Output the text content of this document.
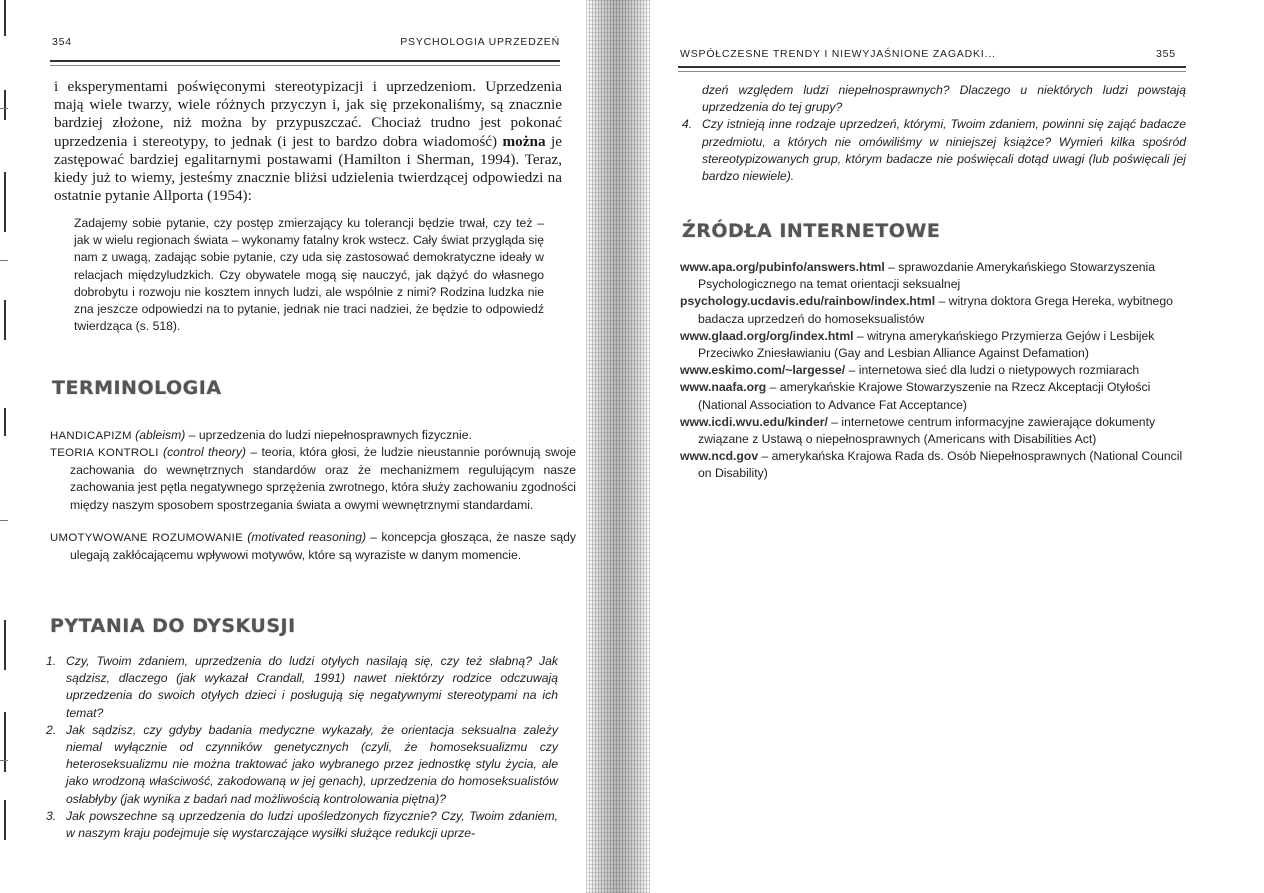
354	PSYCHOLOGIA UPRZEDZEŃ
i eksperymentami poświęconymi stereotypizacji i uprzedzeniom. Uprzedzenia mają wiele twarzy, wiele różnych przyczyn i, jak się przekonaliśmy, są znacznie bardziej złożone, niż można by przypuszczać. Chociaż trudno jest pokonać uprzedzenia i stereotypy, to jednak (i jest to bardzo dobra wiadomość) można je zastępować bardziej egalitarnymi postawami (Hamilton i Sherman, 1994). Teraz, kiedy już to wiemy, jesteśmy znacznie bliżsi udzielenia twierdzącej odpowiedzi na ostatnie pytanie Allporta (1954):
Zadajemy sobie pytanie, czy postęp zmierzający ku tolerancji będzie trwał, czy też – jak w wielu regionach świata – wykonamy fatalny krok wstecz. Cały świat przygląda się nam z uwagą, zadając sobie pytanie, czy uda się zastosować demokratyczne ideały w relacjach międzyludzkich. Czy obywatele mogą się nauczyć, jak dążyć do własnego dobrobytu i rozwoju nie kosztem innych ludzi, ale wspólnie z nimi? Rodzina ludzka nie zna jeszcze odpowiedzi na to pytanie, jednak nie traci nadziei, że będzie to odpowiedź twierdząca (s. 518).
TERMINOLOGIA
HANDICAPIZM (ableism) – uprzedzenia do ludzi niepełnosprawnych fizycznie.
TEORIA KONTROLI (control theory) – teoria, która głosi, że ludzie nieustannie porównują swoje zachowania do wewnętrznych standardów oraz że mechanizmem regulującym nasze zachowania jest pętla negatywnego sprzężenia zwrotnego, która służy zachowaniu zgodności między naszym sposobem spostrzegania świata a owymi wewnętrznymi standardami.
UMOTYWOWANE ROZUMOWANIE (motivated reasoning) – koncepcja głosząca, że nasze sądy ulegają zakłócającemu wpływowi motywów, które są wyraziste w danym momencie.
PYTANIA DO DYSKUSJI
1. Czy, Twoim zdaniem, uprzedzenia do ludzi otyłych nasilają się, czy też słabną? Jak sądzisz, dlaczego (jak wykazał Crandall, 1991) nawet niektórzy rodzice odczuwają uprzedzenia do swoich otyłych dzieci i posługują się negatywnymi stereotypami na ich temat?
2. Jak sądzisz, czy gdyby badania medyczne wykazały, że orientacja seksualna zależy niemal wyłącznie od czynników genetycznych (czyli, że homoseksualizmu czy heteroseksualizmu nie można traktować jako wybranego przez jednostkę stylu życia, ale jako wrodzoną właściwość, zakodowaną w jej genach), uprzedzenia do homoseksualistów osłabłyby (jak wynika z badań nad możliwością kontrolowania piętna)?
3. Jak powszechne są uprzedzenia do ludzi upośledzonych fizycznie? Czy, Twoim zdaniem, w naszym kraju podejmuje się wystarczające wysiłki służące redukcji uprze-
WSPÓŁCZESNE TRENDY I NIEWYJAŚNIONE ZAGADKI...	355
dzeń względem ludzi niepełnosprawnych? Dlaczego u niektórych ludzi powstają uprzedzenia do tej grupy?
4. Czy istnieją inne rodzaje uprzedzeń, którymi, Twoim zdaniem, powinni się zająć badacze przedmiotu, a których nie omówiliśmy w niniejszej książce? Wymień kilka spośród stereotypizowanych grup, którym badacze nie poświęcali dotąd uwagi (lub poświęcali jej bardzo niewiele).
ŹRÓDŁA INTERNETOWE
www.apa.org/pubinfo/answers.html – sprawozdanie Amerykańskiego Stowarzyszenia Psychologicznego na temat orientacji seksualnej
psychology.ucdavis.edu/rainbow/index.html – witryna doktora Grega Hereka, wybitnego badacza uprzedzeń do homoseksualistów
www.glaad.org/org/index.html – witryna amerykańskiego Przymierza Gejów i Lesbijek Przeciwko Zniesławianiu (Gay and Lesbian Alliance Against Defamation)
www.eskimo.com/~largesse/ – internetowa sieć dla ludzi o nietypowych rozmiarach
www.naafa.org – amerykańskie Krajowe Stowarzyszenie na Rzecz Akceptacji Otyłości (National Association to Advance Fat Acceptance)
www.icdi.wvu.edu/kinder/ – internetowe centrum informacyjne zawierające dokumenty związane z Ustawą o niepełnosprawnych (Americans with Disabilities Act)
www.ncd.gov – amerykańska Krajowa Rada ds. Osób Niepełnosprawnych (National Council on Disability)
